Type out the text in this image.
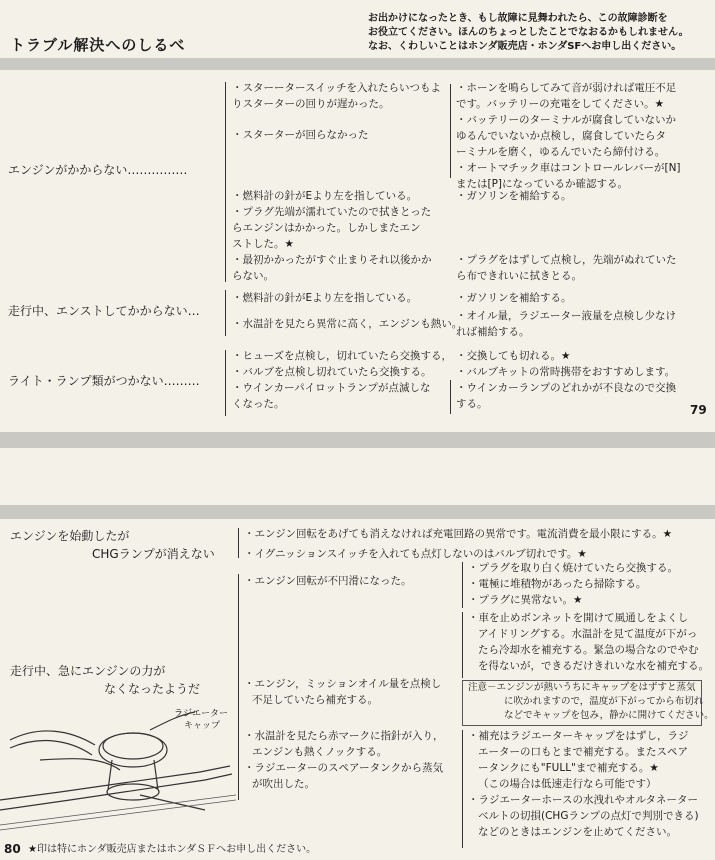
お出かけになったとき、もし故障に見舞われたら、この故障診断を
お役立てください。ほんのちょっとしたことでなおるかもしれません。
なお、くわしいことはホンダ販売店・ホンダSFへお申し出ください。
トラブル解決へのしるべ
エンジンがかからない……………
・スターータースイッチを入れたらいつもよ
りスターターの回りが遅かった。
・スターターが回らなかった
・燃料計の針がEより左を指している。
・プラグ先端が濡れていたので拭きとった
らエンジンはかかった。しかしまたエン
ストした。★
・最初かかったがすぐ止まりそれ以後かか
らない。
・ホーンを鳴らしてみて音が弱ければ電圧不足
です。バッテリーの充電をしてください。★
・バッテリーのターミナルが腐食していないか
ゆるんでいないか点検し，腐食していたらタ
ーミナルを磨く，ゆるんでいたら締付ける。
・オートマチック車はコントロールレバーが[N]
または[P]になっているか確認する。
・ガソリンを補給する。
・プラグをはずして点検し，先端がぬれていた
ら布できれいに拭きとる。
走行中、エンストしてかからない…
・燃料計の針がEより左を指している。
・水温計を見たら異常に高く，エンジンも熱い。
・ガソリンを補給する。
・オイル量，ラジエーター液量を点検し少なけ
れば補給する。
ライト・ランプ類がつかない………
・ヒューズを点検し，切れていたら交換する，
・バルブを点検し切れていたら交換する。
・ウインカーパイロットランプが点滅しな
くなった。
・交換しても切れる。★
・バルブキットの常時携帯をおすすめします。
・ウインカーランプのどれかが不良なので交換
する。	79
エンジンを始動したが
CHGランプが消えない
・エンジン回転をあげても消えなければ充電回路の異常です。電流消費を最小限にする。★
・イグニッションスイッチを入れても点灯しないのはバルブ切れです。★
走行中、急にエンジンの力が
なくなったようだ
・エンジン回転が不円滑になった。
・プラグを取り白く焼けていたら交換する。
・電極に堆積物があったら掃除する。
・プラグに異常ない。★
・車を止めボンネットを開けて風通しをよくし
アイドリングする。水温計を見て温度が下がっ
たら冷却水を補充する。緊急の場合なのでやむ
を得ないが，できるだけきれいな水を補充する。
・エンジン，ミッションオイル量を点検し
不足していたら補充する。
注意－エンジンが熱いうちにキャップをはずすと蒸気
に吹かれますので，温度が下がってから布切れ
などでキャップを包み，静かに開けてください。
・水温計を見たら赤マークに指針が入り，
エンジンも熱くノックする。
・ラジエーターのスペアータンクから蒸気
が吹出した。
・補充はラジエーターキャップをはずし，ラジ
エーターの口もとまで補充する。またスペア
ータンクにも"FULL"まで補充する。★
（この場合は低速走行なら可能です）
・ラジエーターホースの水洩れやオルタネーター
ベルトの切損(CHGランプの点灯で判別できる)
などのときはエンジンを止めてください。
ラジエーター
キャップ
80 ★印は特にホンダ販売店またはホンダＳＦへお申し出ください。
